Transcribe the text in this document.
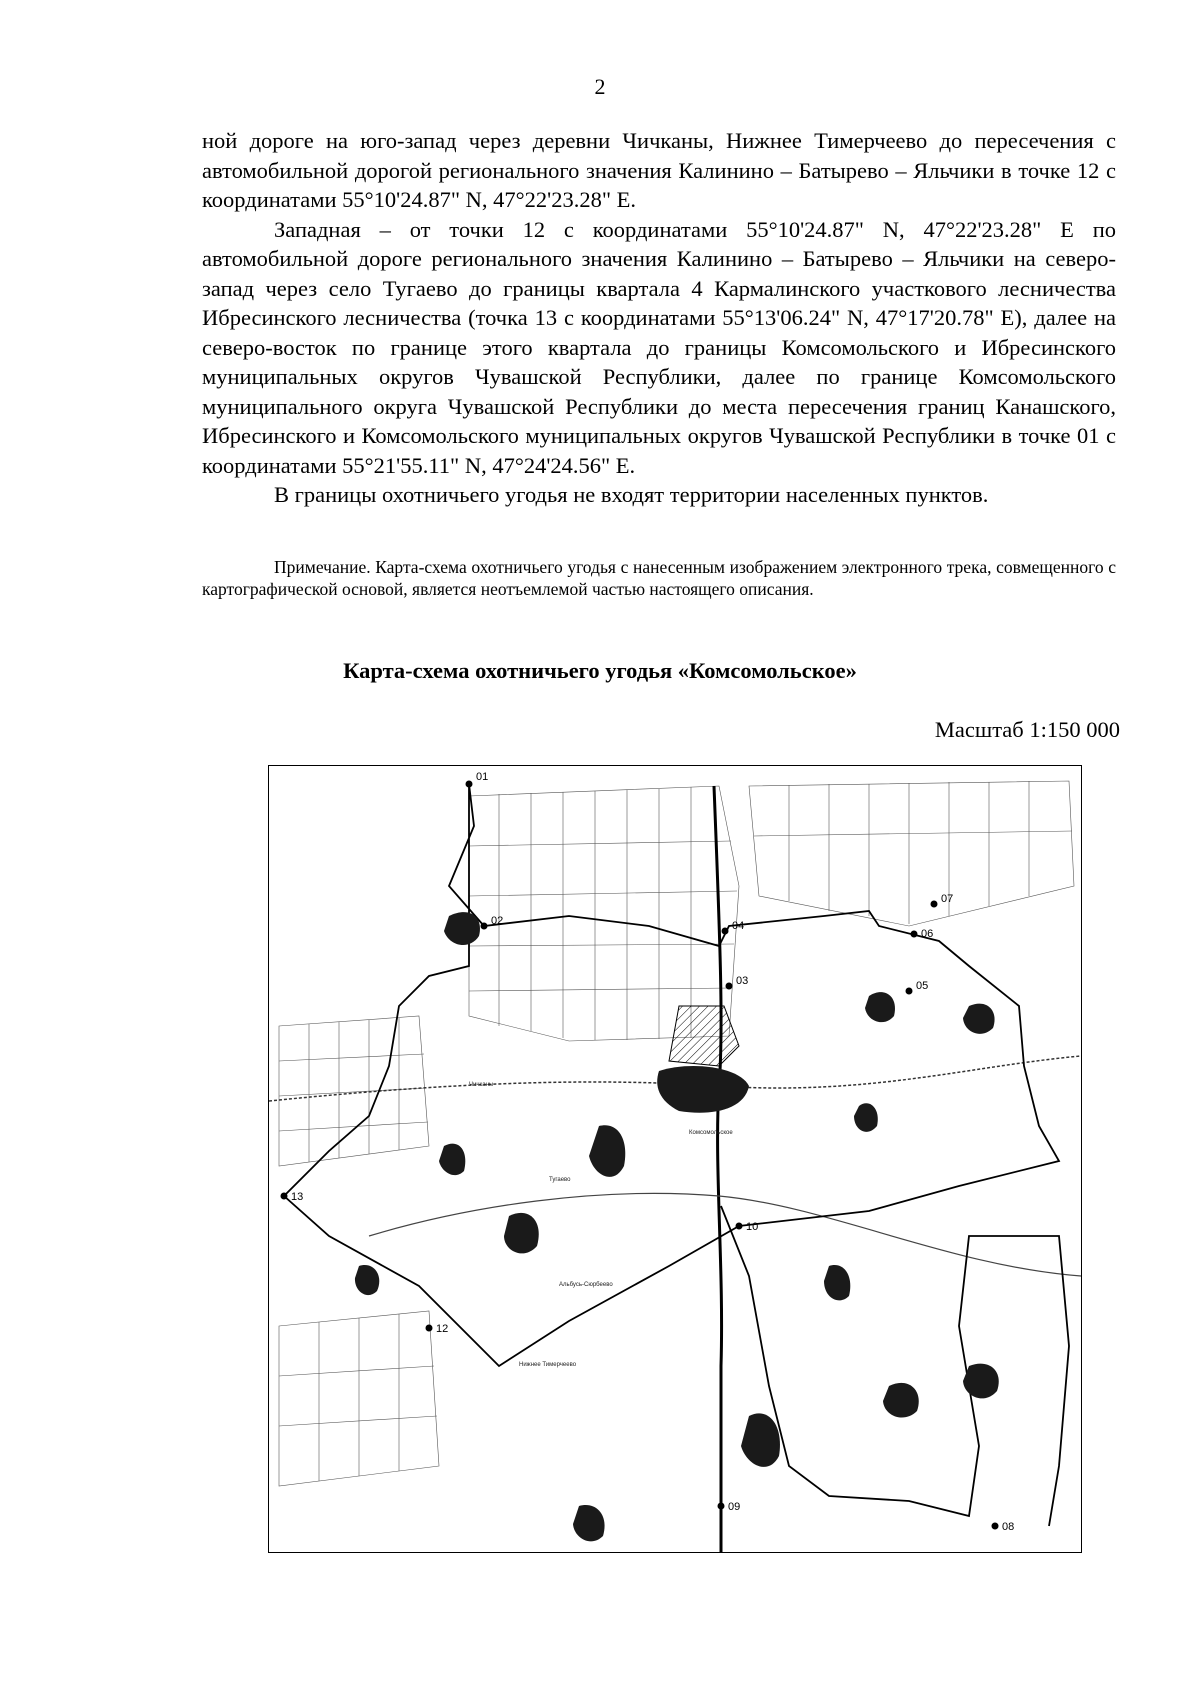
2

ной дороге на юго-запад через деревни Чичканы, Нижнее Тимерчеево до пересечения с автомобильной дорогой регионального значения Калинино – Батырево – Яльчики в точке 12 с координатами 55°10'24.87" N, 47°22'23.28" E.

Западная – от точки 12 с координатами 55°10'24.87" N, 47°22'23.28" E по автомобильной дороге регионального значения Калинино – Батырево – Яльчики на северо-запад через село Тугаево до границы квартала 4 Кармалинского участкового лесничества Ибресинского лесничества (точка 13 с координатами 55°13'06.24" N, 47°17'20.78" E), далее на северо-восток по границе этого квартала до границы Комсомольского и Ибресинского муниципальных округов Чувашской Республики, далее по границе Комсомольского муниципального округа Чувашской Республики до места пересечения границ Канашского, Ибресинского и Комсомольского муниципальных округов Чувашской Республики в точке 01 с координатами 55°21'55.11" N, 47°24'24.56" E.

В границы охотничьего угодья не входят территории населенных пунктов.

Примечание. Карта-схема охотничьего угодья с нанесенным изображением электронного трека, совмещенного с картографической основой, является неотъемлемой частью настоящего описания.

Карта-схема охотничьего угодья «Комсомольское»
Масштаб 1:150 000
01
02
03
04
05
06
07
08
09
10
12
13
Комсомольское
Тугаево
Чичканы
Альбусь-Сюрбеево
Нижнее Тимерчеево
